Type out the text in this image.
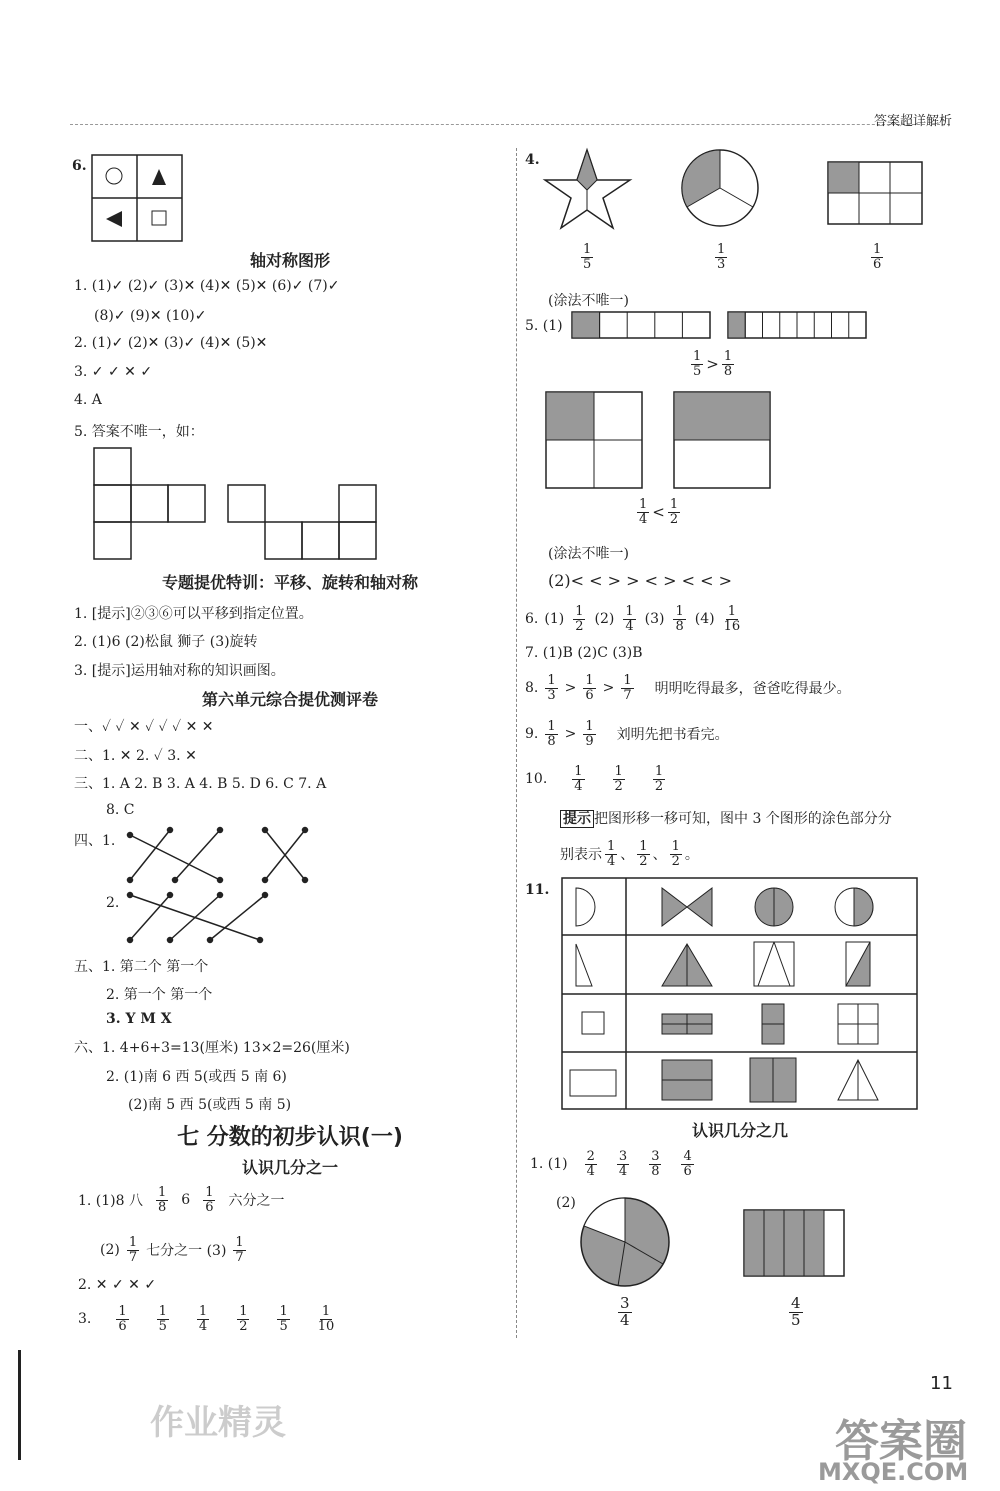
答案超详解析
6.
轴对称图形
1. (1)✓ (2)✓ (3)✕ (4)✕ (5)✕ (6)✓ (7)✓
(8)✓ (9)✕ (10)✓
2. (1)✓ (2)✕ (3)✓ (4)✕ (5)✕
3. ✓ ✓ ✕ ✓
4. A
5. 答案不唯一，如：
专题提优特训：平移、旋转和轴对称
1. [提示]②③⑥可以平移到指定位置。
2. (1)6 (2)松鼠 狮子 (3)旋转
3. [提示]运用轴对称的知识画图。
第六单元综合提优测评卷
一、✓ ✓ ✕ ✓ ✓ ✓ ✕ ✕
二、1. ✕ 2. ✓ 3. ✕
三、1. A 2. B 3. A 4. B 5. D 6. C 7. A
8. C
四、1.
2.
五、1. 第二个 第一个
2. 第一个 第一个
3. Y M X
六、1. 4+6+3=13(厘米) 13×2=26(厘米)
2. (1)南 6 西 5(或西 5 南 6)
(2)南 5 西 5(或西 5 南 5)
七 分数的初步认识(一)
认识几分之一
1. (1)8 八 $\frac{1}{8} 6 \frac{1}{6}$ 六分之一
$(2) \frac{1}{7}$ 七分之一 $(3) \frac{1}{7}$
2. ✕ ✓ ✕ ✓
3. $\frac{1}{6} \frac{1}{5} \frac{1}{4} \frac{1}{2} \frac{1}{5} \frac{1}{10}$
4.
$\frac{1}{5}$	$\frac{1}{3}$	$\frac{1}{6}$
(涂法不唯一)
5. (1)
$\frac{1}{5} > \frac{1}{8}$
$\frac{1}{4} < \frac{1}{2}$
(涂法不唯一)
(2)< < > > < > < < >
6. $(1) \frac{1}{2} (2) \frac{1}{4} (3) \frac{1}{8} (4) \frac{1}{16}$
7. (1)B (2)C (3)B
8. $\frac{1}{3} > \frac{1}{6} > \frac{1}{7}$ 明明吃得最多，爸爸吃得最少。
9. $\frac{1}{8} > \frac{1}{9}$ 刘明先把书看完。
10. $\frac{1}{4} \frac{1}{2} \frac{1}{2}$
提示 把图形移一移可知，图中 3 个图形的涂色部分分
别表示 $\frac{1}{4}$ 、 $\frac{1}{2}$ 、 $\frac{1}{2}$ 。
11.
认识几分之几
1. $(1) \frac{2}{4} \frac{3}{4} \frac{3}{8} \frac{4}{6}$
(2)
$\frac{3}{4}$	$\frac{4}{5}$
作业精灵
11
答案圈
MXQE.COM
